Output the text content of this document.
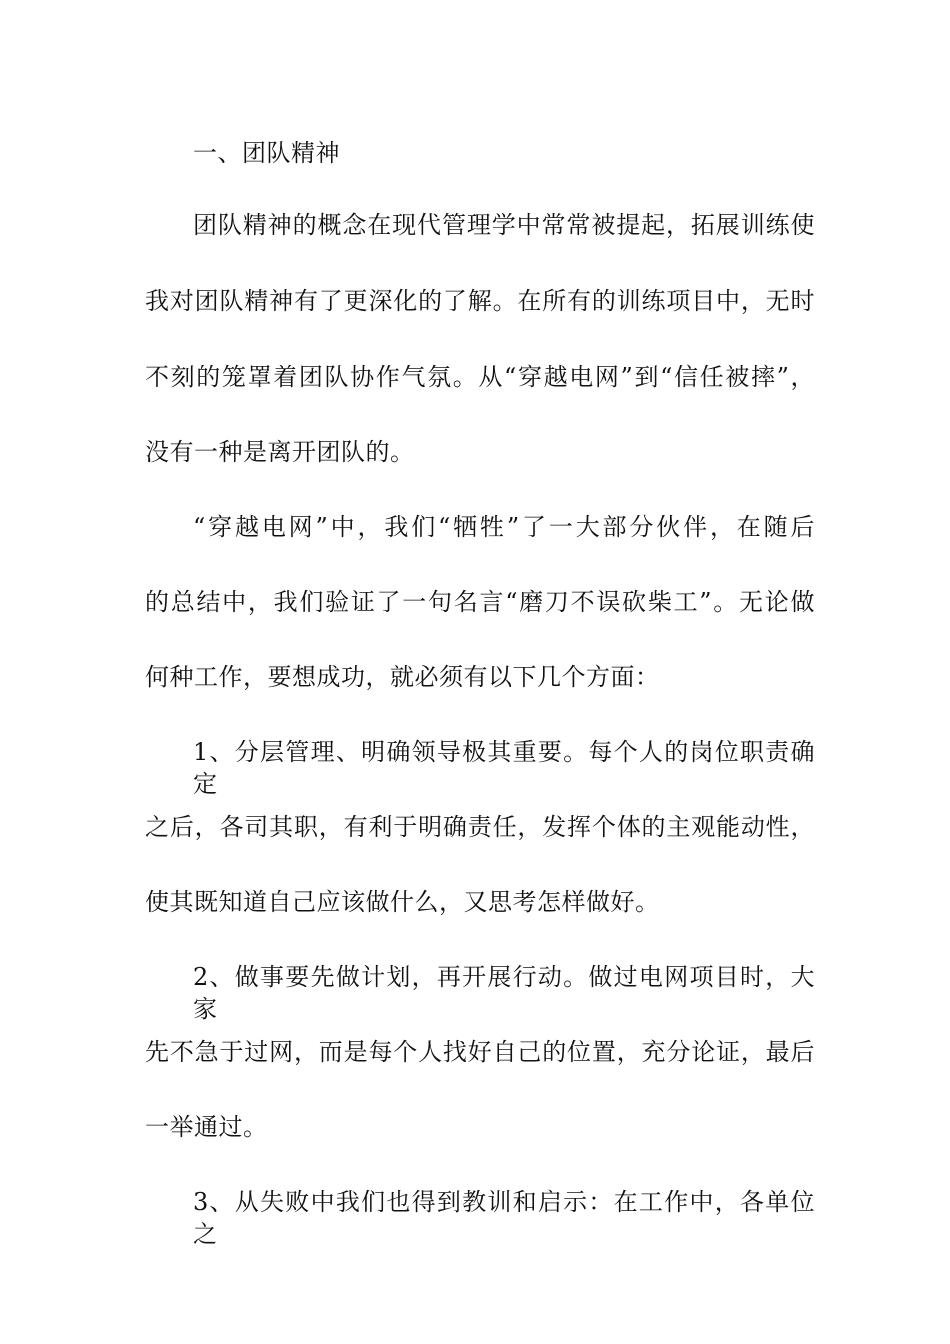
一、团队精神
团队精神的概念在现代管理学中常常被提起，拓展训练使
我对团队精神有了更深化的了解。在所有的训练项目中，无时
不刻的笼罩着团队协作气氛。从“穿越电网”到“信任被摔”，
没有一种是离开团队的。
“穿越电网”中，我们“牺牲”了一大部分伙伴，在随后
的总结中，我们验证了一句名言“磨刀不误砍柴工”。无论做
何种工作，要想成功，就必须有以下几个方面：
1、分层管理、明确领导极其重要。每个人的岗位职责确定
之后，各司其职，有利于明确责任，发挥个体的主观能动性，
使其既知道自己应该做什么，又思考怎样做好。
2、做事要先做计划，再开展行动。做过电网项目时，大家
先不急于过网，而是每个人找好自己的位置，充分论证，最后
一举通过。
3、从失败中我们也得到教训和启示：在工作中，各单位之
